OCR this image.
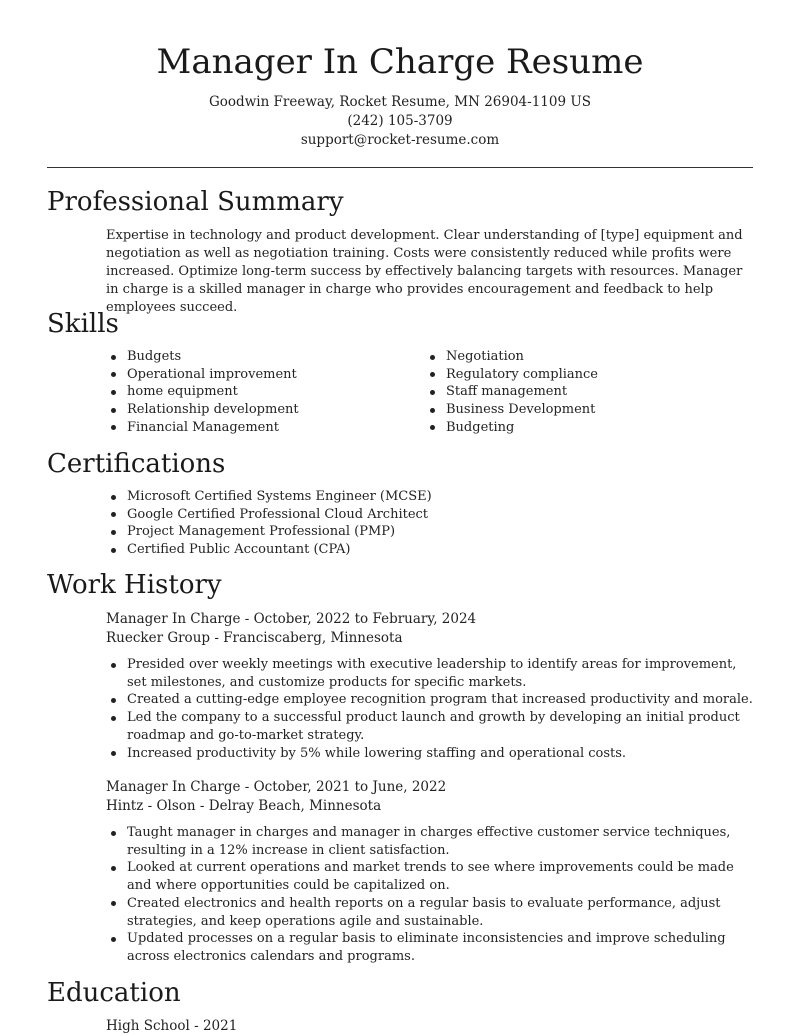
Manager In Charge Resume
Goodwin Freeway, Rocket Resume, MN 26904-1109 US
(242) 105-3709
support@rocket-resume.com
Professional Summary
Expertise in technology and product development. Clear understanding of [type] equipment and negotiation as well as negotiation training. Costs were consistently reduced while profits were increased. Optimize long-term success by effectively balancing targets with resources. Manager in charge is a skilled manager in charge who provides encouragement and feedback to help employees succeed.
Skills
Budgets
Operational improvement
home equipment
Relationship development
Financial Management
Negotiation
Regulatory compliance
Staff management
Business Development
Budgeting
Certifications
Microsoft Certified Systems Engineer (MCSE)
Google Certified Professional Cloud Architect
Project Management Professional (PMP)
Certified Public Accountant (CPA)
Work History
Manager In Charge - October, 2022 to February, 2024
Ruecker Group - Franciscaberg, Minnesota
Presided over weekly meetings with executive leadership to identify areas for improvement, set milestones, and customize products for specific markets.
Created a cutting-edge employee recognition program that increased productivity and morale.
Led the company to a successful product launch and growth by developing an initial product roadmap and go-to-market strategy.
Increased productivity by 5% while lowering staffing and operational costs.
Manager In Charge - October, 2021 to June, 2022
Hintz - Olson - Delray Beach, Minnesota
Taught manager in charges and manager in charges effective customer service techniques, resulting in a 12% increase in client satisfaction.
Looked at current operations and market trends to see where improvements could be made and where opportunities could be capitalized on.
Created electronics and health reports on a regular basis to evaluate performance, adjust strategies, and keep operations agile and sustainable.
Updated processes on a regular basis to eliminate inconsistencies and improve scheduling across electronics calendars and programs.
Education
High School - 2021
